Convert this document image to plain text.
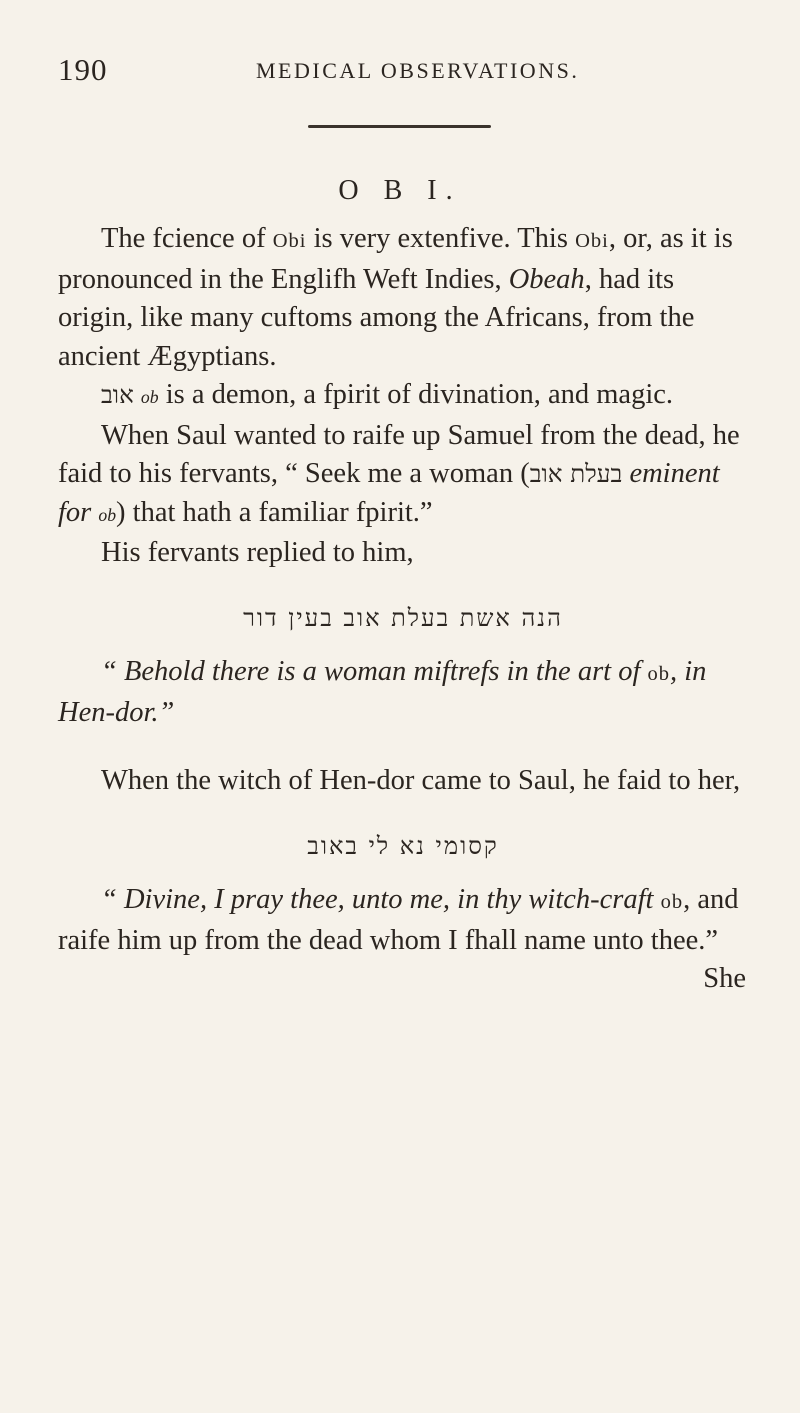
190	MEDICAL OBSERVATIONS.
O B I.

The fcience of Obi is very extenfive. This Obi, or, as it is pronounced in the Englifh Weft Indies, Obeah, had its origin, like many cuftoms among the Africans, from the ancient Ægyptians.

אוב ob is a demon, a fpirit of divination, and magic.

When Saul wanted to raife up Samuel from the dead, he faid to his fervants, “ Seek me a woman (בעלת אוב eminent for ob) that hath a familiar fpirit.”

His fervants replied to him,

הנה אשת בעלת אוב בעין דור

“ Behold there is a woman miftrefs in the art of ob, in Hen-dor.”

When the witch of Hen-dor came to Saul, he faid to her,

קסומי נא לי באוב

“ Divine, I pray thee, unto me, in thy witch-craft ob, and raife him up from the dead whom I fhall name unto thee.”

She
